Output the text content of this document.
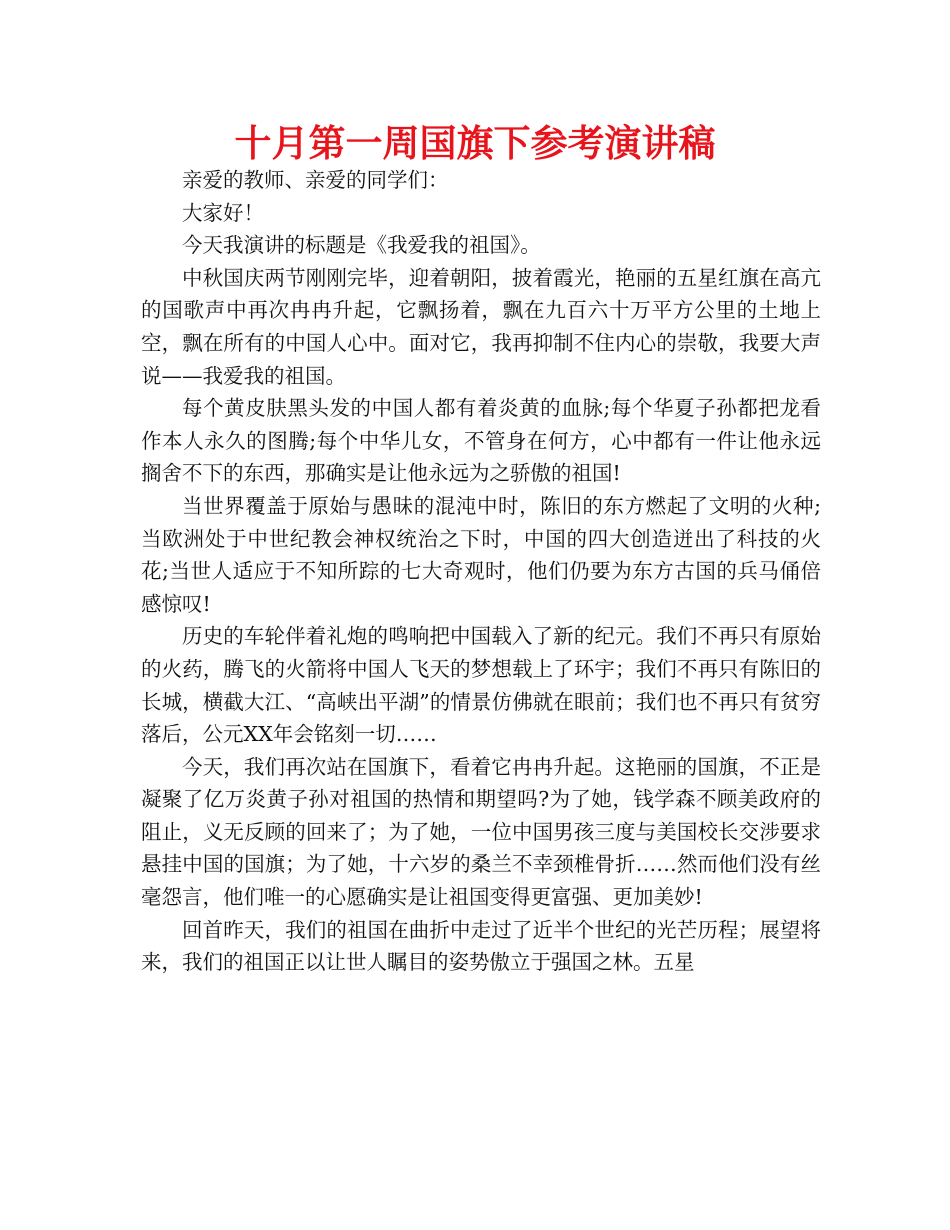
十月第一周国旗下参考演讲稿

亲爱的教师、亲爱的同学们：

大家好！

今天我演讲的标题是《我爱我的祖国》。

中秋国庆两节刚刚完毕，迎着朝阳，披着霞光，艳丽的五星红旗在高亢的国歌声中再次冉冉升起，它飘扬着，飘在九百六十万平方公里的土地上空，飘在所有的中国人心中。面对它，我再抑制不住内心的崇敬，我要大声说——我爱我的祖国。

每个黄皮肤黑头发的中国人都有着炎黄的血脉;每个华夏子孙都把龙看作本人永久的图腾;每个中华儿女，不管身在何方，心中都有一件让他永远搁舍不下的东西，那确实是让他永远为之骄傲的祖国!

当世界覆盖于原始与愚昧的混沌中时，陈旧的东方燃起了文明的火种;当欧洲处于中世纪教会神权统治之下时，中国的四大创造迸出了科技的火花;当世人适应于不知所踪的七大奇观时，他们仍要为东方古国的兵马俑倍感惊叹!

历史的车轮伴着礼炮的鸣响把中国载入了新的纪元。我们不再只有原始的火药，腾飞的火箭将中国人飞天的梦想载上了环宇；我们不再只有陈旧的长城，横截大江、“高峡出平湖”的情景仿佛就在眼前；我们也不再只有贫穷落后，公元XX年会铭刻一切……

今天，我们再次站在国旗下，看着它冉冉升起。这艳丽的国旗，不正是凝聚了亿万炎黄子孙对祖国的热情和期望吗?为了她，钱学森不顾美政府的阻止，义无反顾的回来了；为了她，一位中国男孩三度与美国校长交涉要求悬挂中国的国旗；为了她，十六岁的桑兰不幸颈椎骨折……然而他们没有丝毫怨言，他们唯一的心愿确实是让祖国变得更富强、更加美妙!

回首昨天，我们的祖国在曲折中走过了近半个世纪的光芒历程；展望将来，我们的祖国正以让世人瞩目的姿势傲立于强国之林。五星
